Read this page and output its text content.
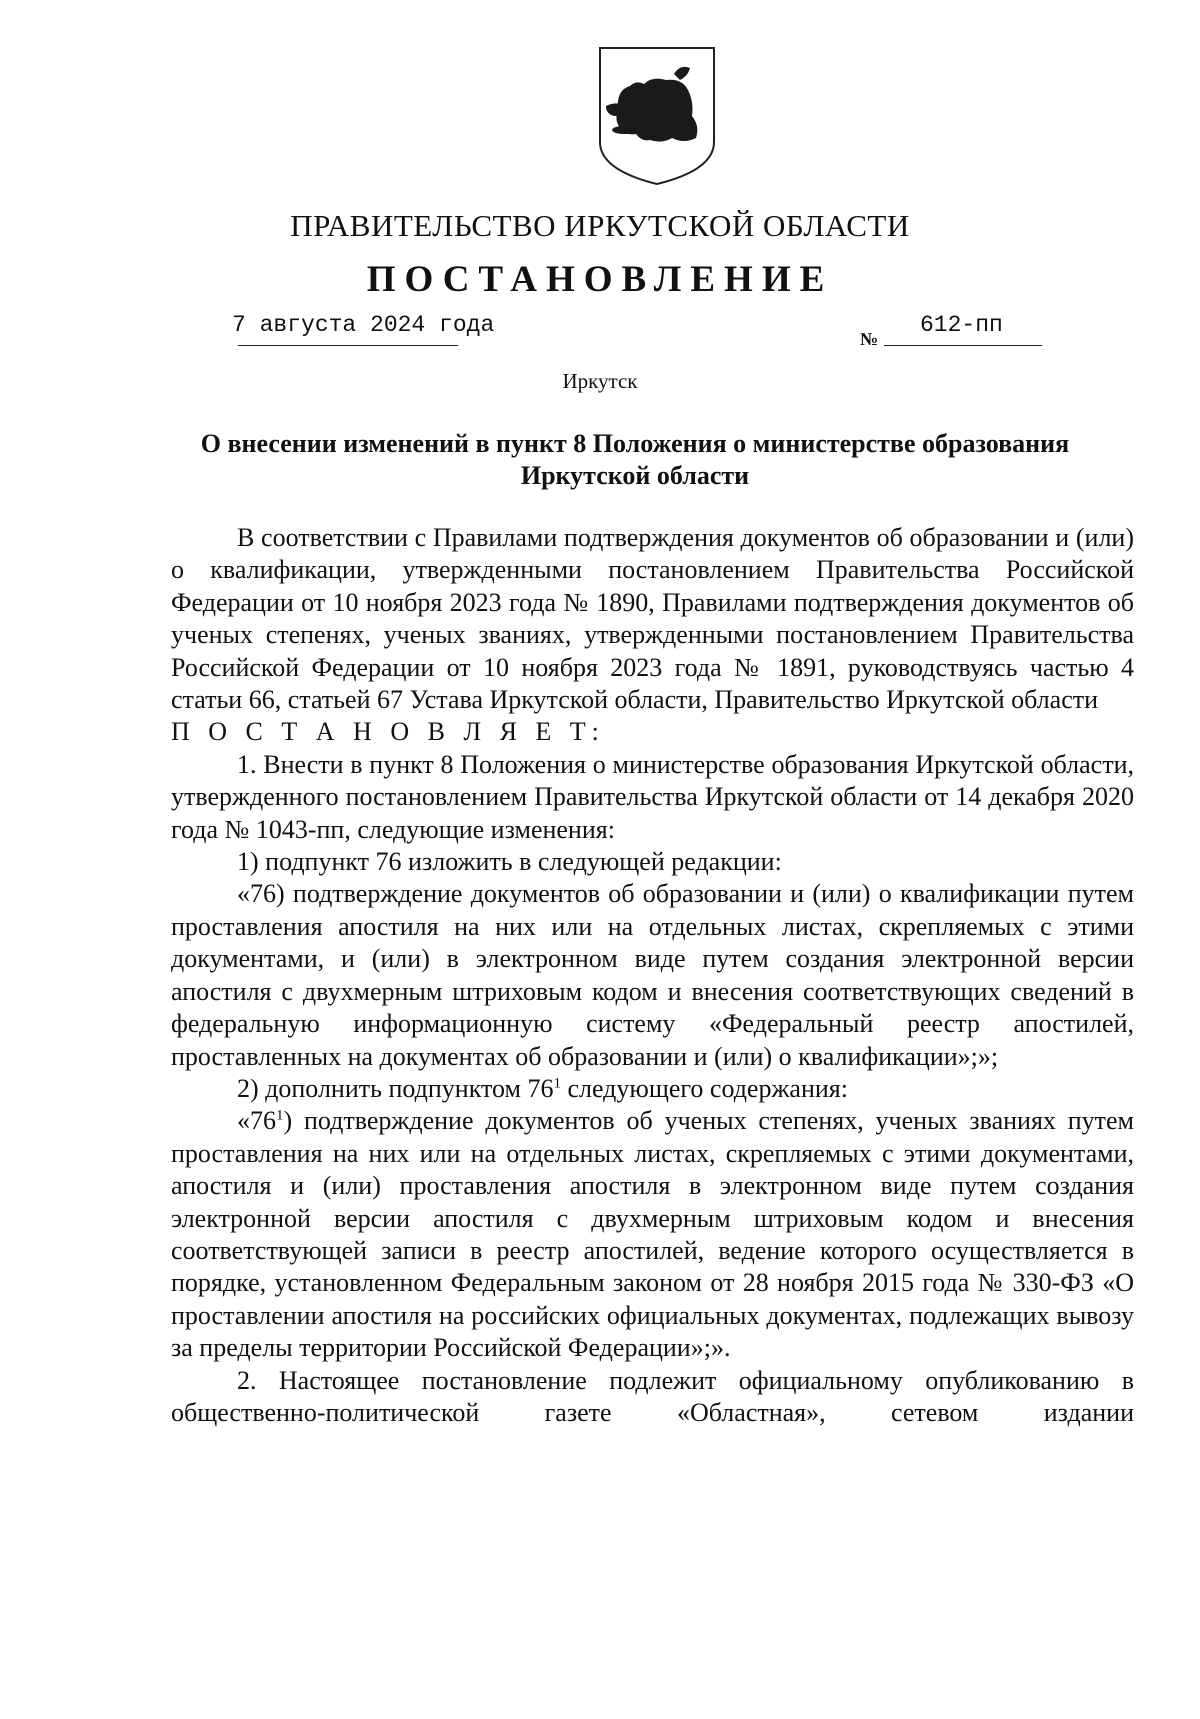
ПРАВИТЕЛЬСТВО ИРКУТСКОЙ ОБЛАСТИ
ПОСТАНОВЛЕНИЕ
7 августа 2024 года
№
612-пп
Иркутск
О внесении изменений в пункт 8 Положения о министерстве образования Иркутской области

В соответствии с Правилами подтверждения документов об образовании и (или) о квалификации, утвержденными постановлением Правительства Российской Федерации от 10 ноября 2023 года № 1890, Правилами подтверждения документов об ученых степенях, ученых званиях, утвержденными постановлением Правительства Российской Федерации от 10 ноября 2023 года № 1891, руководствуясь частью 4 статьи 66, статьей 67 Устава Иркутской области, Правительство Иркутской области

П О С Т А Н О В Л Я Е Т:

1. Внести в пункт 8 Положения о министерстве образования Иркутской области, утвержденного постановлением Правительства Иркутской области от 14 декабря 2020 года № 1043-пп, следующие изменения:

1) подпункт 76 изложить в следующей редакции:

«76) подтверждение документов об образовании и (или) о квалификации путем проставления апостиля на них или на отдельных листах, скрепляемых с этими документами, и (или) в электронном виде путем создания электронной версии апостиля с двухмерным штриховым кодом и внесения соответствующих сведений в федеральную информационную систему «Федеральный реестр апостилей, проставленных на документах об образовании и (или) о квалификации»;»;

2) дополнить подпунктом $76^1$ следующего содержания:

«$76^1$) подтверждение документов об ученых степенях, ученых званиях путем проставления на них или на отдельных листах, скрепляемых с этими документами, апостиля и (или) проставления апостиля в электронном виде путем создания электронной версии апостиля с двухмерным штриховым кодом и внесения соответствующей записи в реестр апостилей, ведение которого осуществляется в порядке, установленном Федеральным законом от 28 ноября 2015 года № 330-ФЗ «О проставлении апостиля на российских официальных документах, подлежащих вывозу за пределы территории Российской Федерации»;».

2. Настоящее постановление подлежит официальному опубликованию в общественно-политической газете «Областная», сетевом издании
